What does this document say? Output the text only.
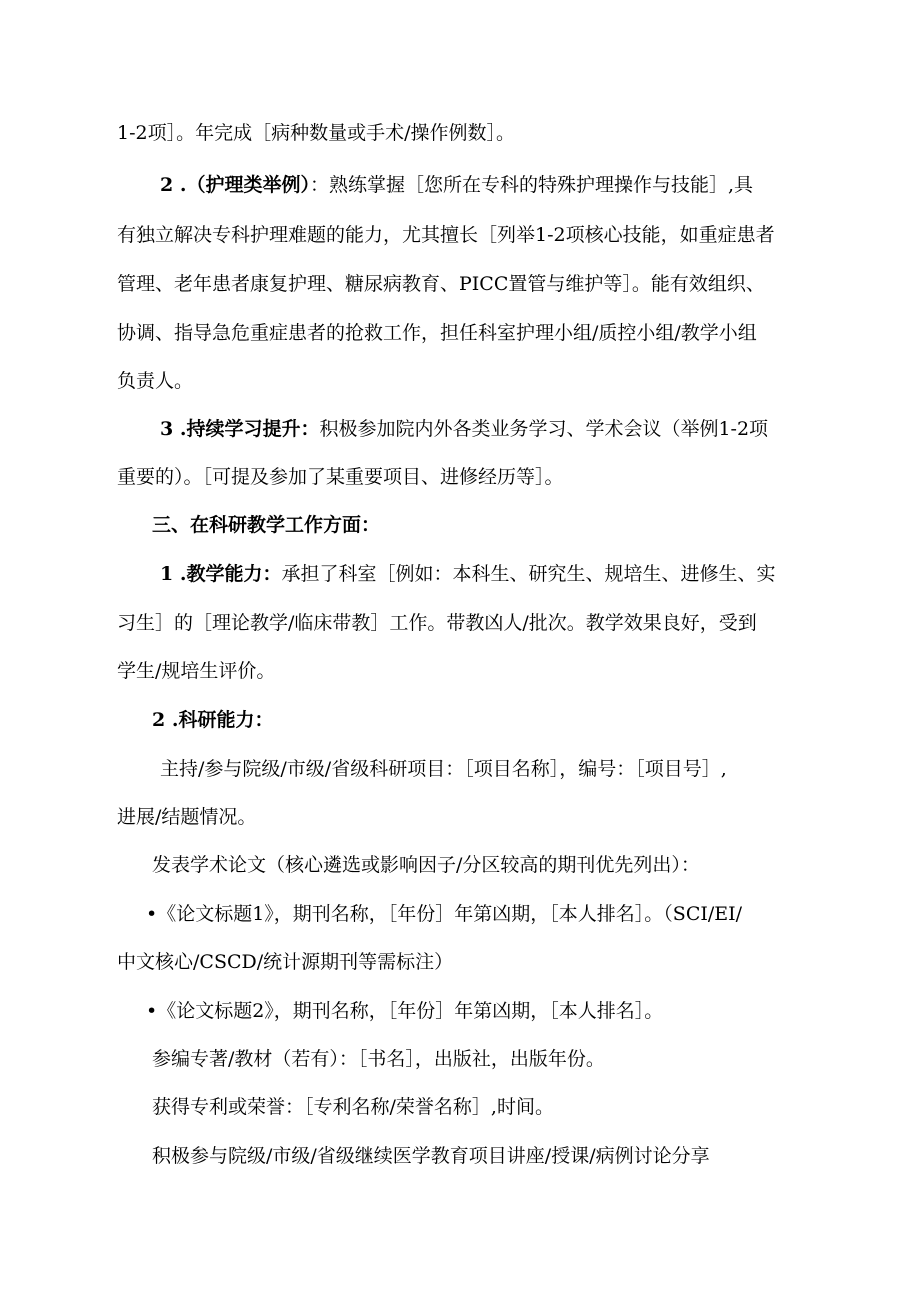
1-2项］。年完成［病种数量或手术/操作例数］。
2 .（护理类举例）：熟练掌握［您所在专科的特殊护理操作与技能］,具
有独立解决专科护理难题的能力，尤其擅长［列举1-2项核心技能，如重症患者
管理、老年患者康复护理、糖尿病教育、PICC置管与维护等］。能有效组织、
协调、指导急危重症患者的抢救工作，担任科室护理小组/质控小组/教学小组
负责人。
3 .持续学习提升：积极参加院内外各类业务学习、学术会议（举例1-2项
重要的）。［可提及参加了某重要项目、进修经历等］。
三、在科研教学工作方面：
1 .教学能力：承担了科室［例如：本科生、研究生、规培生、进修生、实
习生］的［理论教学/临床带教］工作。带教凶人/批次。教学效果良好，受到
学生/规培生评价。
2 .科研能力：
主持/参与院级/市级/省级科研项目：［项目名称］，编号：［项目号］,
进展/结题情况。
发表学术论文（核心遴选或影响因子/分区较高的期刊优先列出）：
•《论文标题1》，期刊名称，［年份］年第凶期，［本人排名］。（SCI/EI/
中文核心/CSCD/统计源期刊等需标注）
•《论文标题2》，期刊名称，［年份］年第凶期，［本人排名］。
参编专著/教材（若有）：［书名］，出版社，出版年份。
获得专利或荣誉：［专利名称/荣誉名称］,时间。
积极参与院级/市级/省级继续医学教育项目讲座/授课/病例讨论分享
